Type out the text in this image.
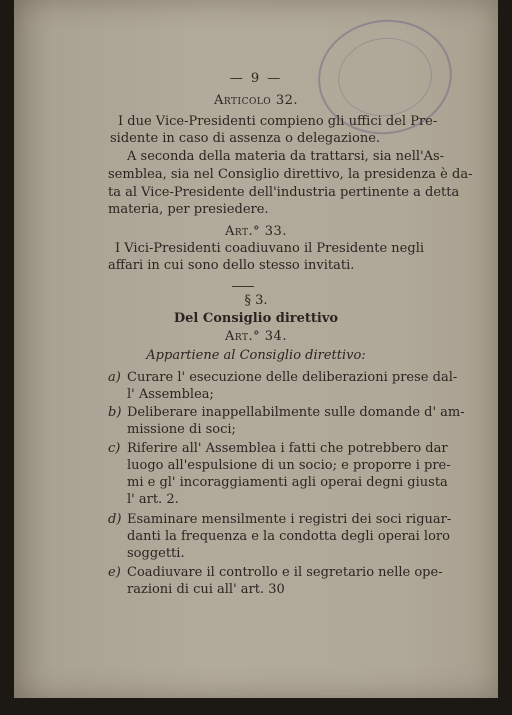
— 9 —
Articolo 32.
I due Vice-Presidenti compieno gli uffici del Pre-
sidente in caso di assenza o delegazione.
A seconda della materia da trattarsi, sia nell'As-
semblea, sia nel Consiglio direttivo, la presidenza è da-
ta al Vice-Presidente dell'industria pertinente a detta
materia, per presiedere.
Art.° 33.
I Vici-Presidenti coadiuvano il Presidente negli
affari in cui sono dello stesso invitati.
§ 3.
Del Consiglio direttivo
Art.° 34.
Appartiene al Consiglio direttivo:
a) Curare l' esecuzione delle deliberazioni prese dal-
l' Assemblea;
b) Deliberare inappellabilmente sulle domande d' am-
missione di soci;
c) Riferire all' Assemblea i fatti che potrebbero dar
luogo all'espulsione di un socio; e proporre i pre-
mi e gl' incoraggiamenti agli operai degni giusta
l' art. 2.
d) Esaminare mensilmente i registri dei soci riguar-
danti la frequenza e la condotta degli operai loro
soggetti.
e) Coadiuvare il controllo e il segretario nelle ope-
razioni di cui all' art. 30
